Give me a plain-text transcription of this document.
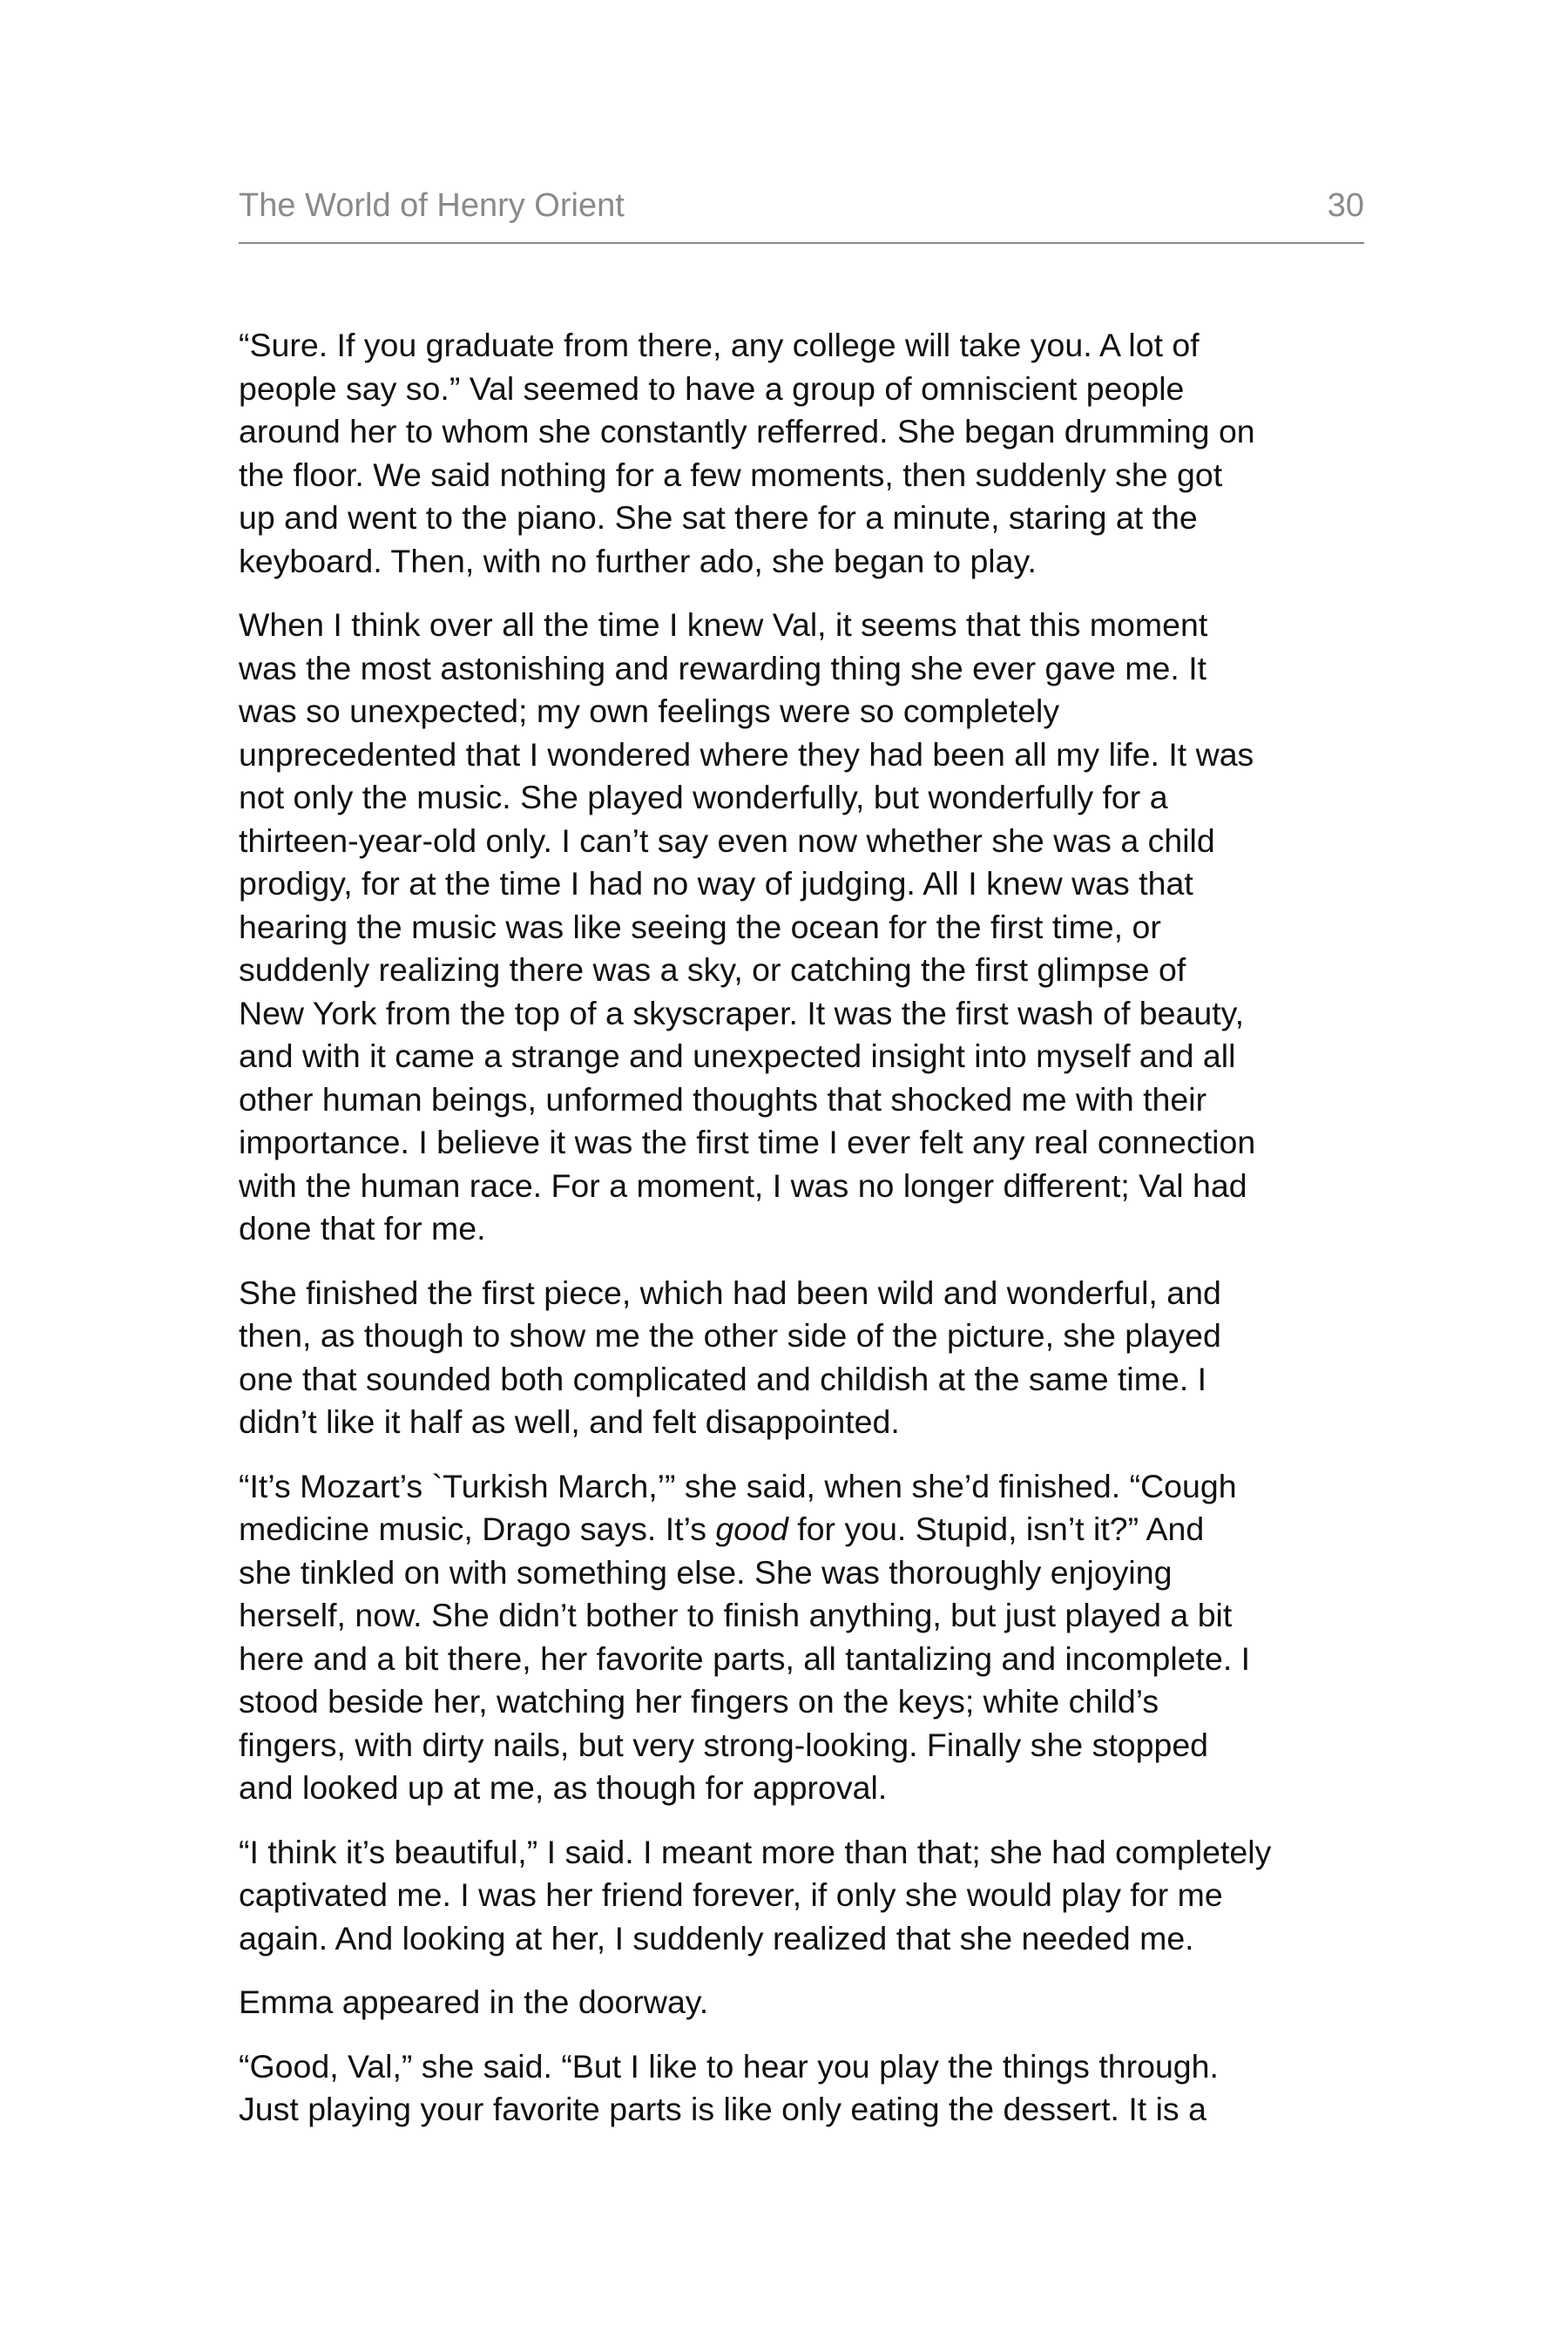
The World of Henry Orient	30

“Sure. If you graduate from there, any college will take you. A lot of
people say so.” Val seemed to have a group of omniscient people
around her to whom she constantly refferred. She began drumming on
the floor. We said nothing for a few moments, then suddenly she got
up and went to the piano. She sat there for a minute, staring at the
keyboard. Then, with no further ado, she began to play.

When I think over all the time I knew Val, it seems that this moment
was the most astonishing and rewarding thing she ever gave me. It
was so unexpected; my own feelings were so completely
unprecedented that I wondered where they had been all my life. It was
not only the music. She played wonderfully, but wonderfully for a
thirteen-year-old only. I can’t say even now whether she was a child
prodigy, for at the time I had no way of judging. All I knew was that
hearing the music was like seeing the ocean for the first time, or
suddenly realizing there was a sky, or catching the first glimpse of
New York from the top of a skyscraper. It was the first wash of beauty,
and with it came a strange and unexpected insight into myself and all
other human beings, unformed thoughts that shocked me with their
importance. I believe it was the first time I ever felt any real connection
with the human race. For a moment, I was no longer different; Val had
done that for me.

She finished the first piece, which had been wild and wonderful, and
then, as though to show me the other side of the picture, she played
one that sounded both complicated and childish at the same time. I
didn’t like it half as well, and felt disappointed.

“It’s Mozart’s `Turkish March,’” she said, when she’d finished. “Cough
medicine music, Drago says. It’s good for you. Stupid, isn’t it?” And
she tinkled on with something else. She was thoroughly enjoying
herself, now. She didn’t bother to finish anything, but just played a bit
here and a bit there, her favorite parts, all tantalizing and incomplete. I
stood beside her, watching her fingers on the keys; white child’s
fingers, with dirty nails, but very strong-looking. Finally she stopped
and looked up at me, as though for approval.

“I think it’s beautiful,” I said. I meant more than that; she had completely
captivated me. I was her friend forever, if only she would play for me
again. And looking at her, I suddenly realized that she needed me.

Emma appeared in the doorway.

“Good, Val,” she said. “But I like to hear you play the things through.
Just playing your favorite parts is like only eating the dessert. It is a
